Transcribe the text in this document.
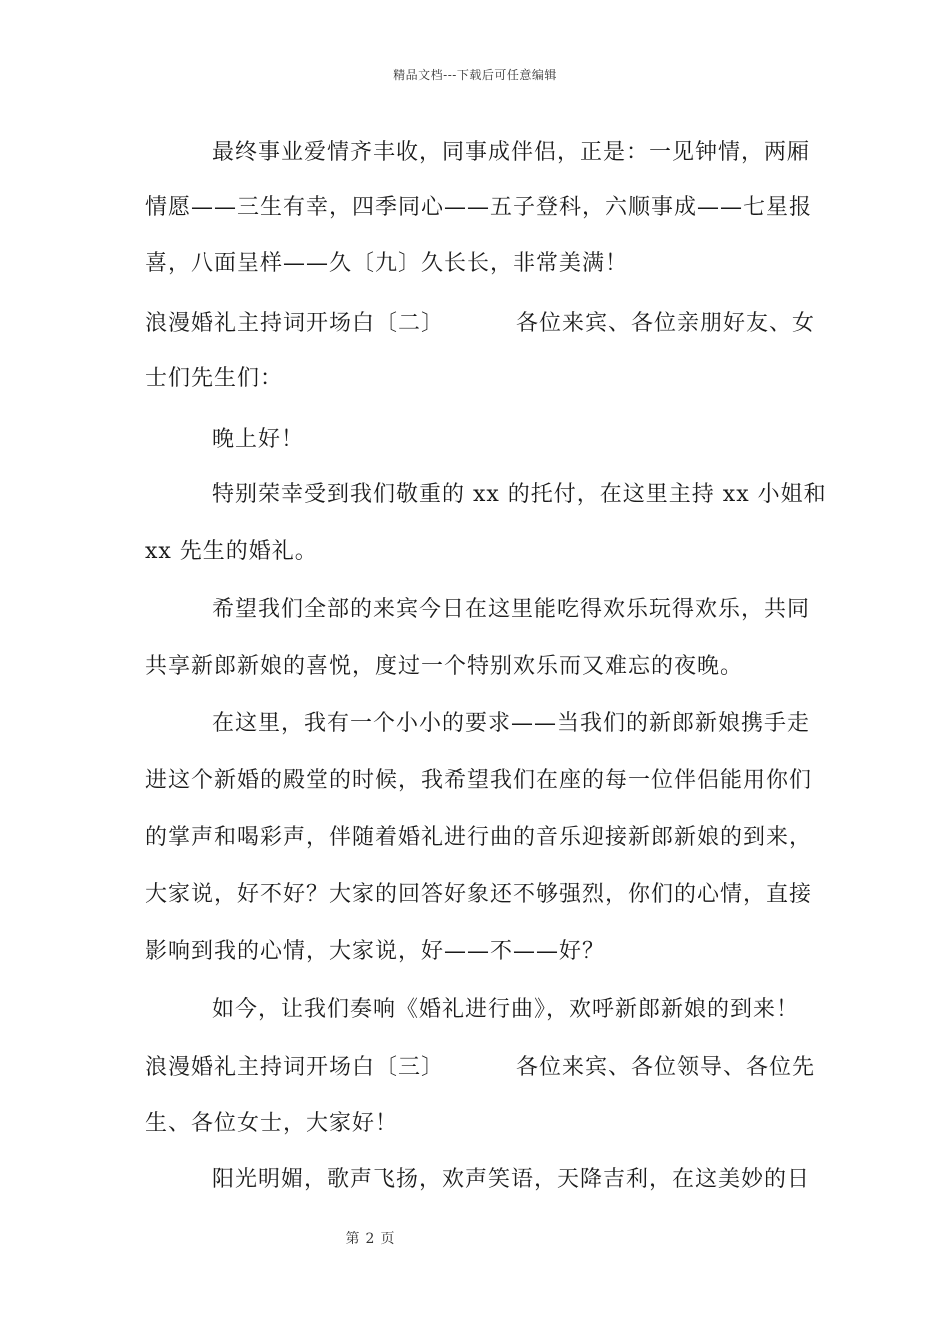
精品文档---下载后可任意编辑
最终事业爱情齐丰收，同事成伴侣，正是：一见钟情，两厢
情愿——三生有幸，四季同心——五子登科，六顺事成——七星报
喜，八面呈样——久〔九〕久长长，非常美满！
浪漫婚礼主持词开场白〔二〕	各位来宾、各位亲朋好友、女
士们先生们：
晚上好！
特别荣幸受到我们敬重的 xx 的托付，在这里主持 xx 小姐和
xx 先生的婚礼。
希望我们全部的来宾今日在这里能吃得欢乐玩得欢乐，共同
共享新郎新娘的喜悦，度过一个特别欢乐而又难忘的夜晚。
在这里，我有一个小小的要求——当我们的新郎新娘携手走
进这个新婚的殿堂的时候，我希望我们在座的每一位伴侣能用你们
的掌声和喝彩声，伴随着婚礼进行曲的音乐迎接新郎新娘的到来，
大家说，好不好？大家的回答好象还不够强烈，你们的心情，直接
影响到我的心情，大家说，好——不——好？
如今，让我们奏响《婚礼进行曲》，欢呼新郎新娘的到来！
浪漫婚礼主持词开场白〔三〕	各位来宾、各位领导、各位先
生、各位女士，大家好！
阳光明媚，歌声飞扬，欢声笑语，天降吉利，在这美妙的日
第 2 页
